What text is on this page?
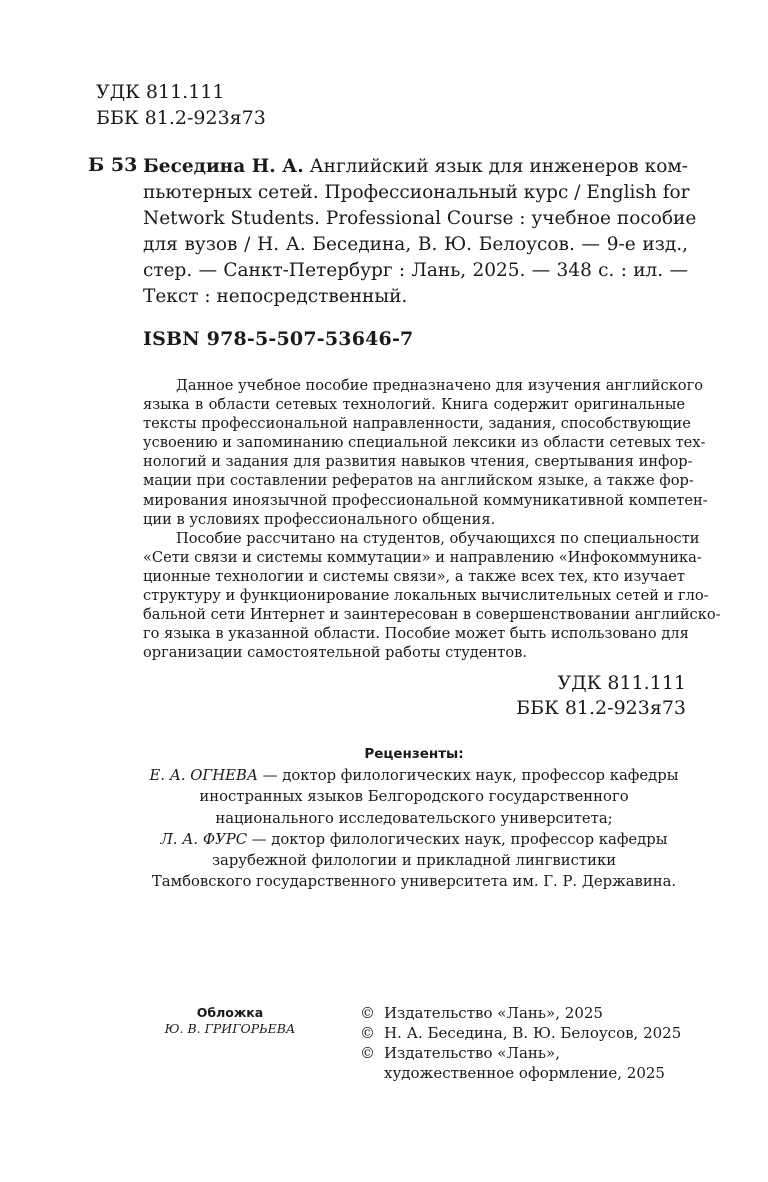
УДК 811.111
ББК 81.2-923я73
Б 53 Беседина Н. А. Английский язык для инженеров ком-
пьютерных сетей. Профессиональный курс / English for
Network Students. Professional Course : учебное пособие
для вузов / Н. А. Беседина, В. Ю. Белоусов. — 9-е изд.,
стер. — Санкт-Петербург : Лань, 2025. — 348 с. : ил. —
Текст : непосредственный.
ISBN 978-5-507-53646-7
Данное учебное пособие предназначено для изучения английского
языка в области сетевых технологий. Книга содержит оригинальные
тексты профессиональной направленности, задания, способствующие
усвоению и запоминанию специальной лексики из области сетевых тех-
нологий и задания для развития навыков чтения, свертывания инфор-
мации при составлении рефератов на английском языке, а также фор-
мирования иноязычной профессиональной коммуникативной компетен-
ции в условиях профессионального общения.
Пособие рассчитано на студентов, обучающихся по специальности
«Сети связи и системы коммутации» и направлению «Инфокоммуника-
ционные технологии и системы связи», а также всех тех, кто изучает
структуру и функционирование локальных вычислительных сетей и гло-
бальной сети Интернет и заинтересован в совершенствовании английско-
го языка в указанной области. Пособие может быть использовано для
организации самостоятельной работы студентов.
УДК 811.111
ББК 81.2-923я73
Рецензенты:
Е. А. ОГНЕВА — доктор филологических наук, профессор кафедры
иностранных языков Белгородского государственного
национального исследовательского университета;
Л. А. ФУРС — доктор филологических наук, профессор кафедры
зарубежной филологии и прикладной лингвистики
Тамбовского государственного университета им. Г. Р. Державина.
Обложка
Ю. В. ГРИГОРЬЕВА
© Издательство «Лань», 2025
© Н. А. Беседина, В. Ю. Белоусов, 2025
© Издательство «Лань»,
художественное оформление, 2025
